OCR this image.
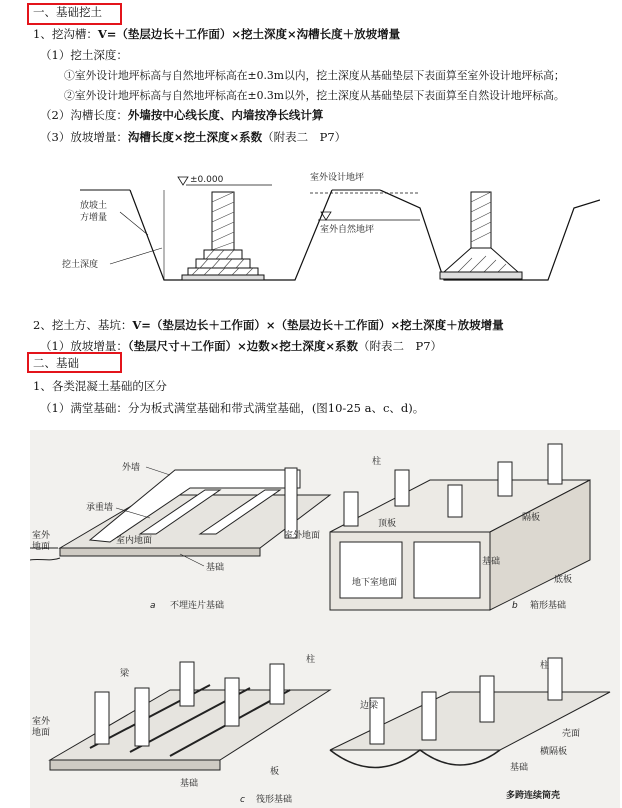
一、基础挖土
1、挖沟槽：V=（垫层边长＋工作面）×挖土深度×沟槽长度＋放坡增量
（1）挖土深度：
①室外设计地坪标高与自然地坪标高在±0.3m以内，挖土深度从基础垫层下表面算至室外设计地坪标高；
②室外设计地坪标高与自然地坪标高在±0.3m以外，挖土深度从基础垫层下表面算至自然设计地坪标高。
（2）沟槽长度：外墙按中心线长度、内墙按净长线计算
（3）放坡增量：沟槽长度×挖土深度×系数（附表二　P7）
±0.000
放坡土
方增量
挖土深度
室外设计地坪
室外自然地坪
2、挖土方、基坑：V=（垫层边长＋工作面）×（垫层边长＋工作面）×挖土深度＋放坡增量
（1）放坡增量：（垫层尺寸＋工作面）×边数×挖土深度×系数（附表二　P7）
二、基础
1、各类混凝土基础的区分
（1）满堂基础：分为板式满堂基础和带式满堂基础，(图10-25 a、c、d)。
外墙
承重墙
室外
地面
室内地面
基础
a 不埋连片基础
柱
顶板
隔板
室外地面
基础
地下室地面	底板
b 箱形基础
柱
梁
室外
地面
板
基础
c 筏形基础
柱
边梁
壳面
横隔板
基础
多跨连续筒壳
